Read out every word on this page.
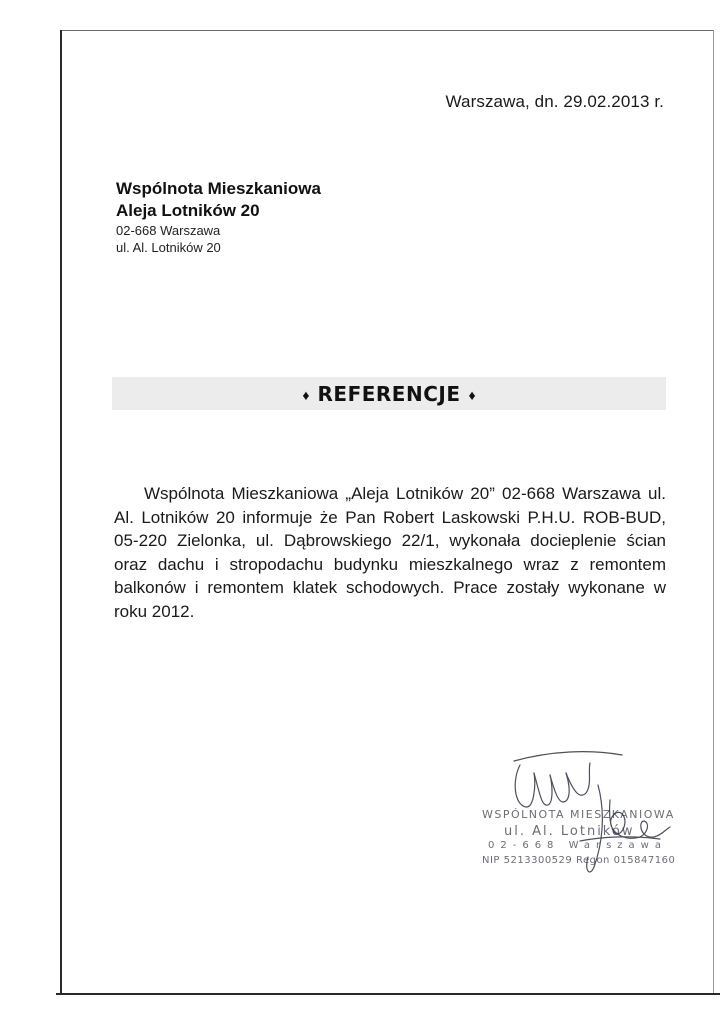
Warszawa, dn. 29.02.2013 r.
Wspólnota Mieszkaniowa
Aleja Lotników 20
02-668 Warszawa
ul. Al. Lotników 20
♦ REFERENCJE ♦
Wspólnota Mieszkaniowa „Aleja Lotników 20” 02-668 Warszawa ul. Al. Lotników 20 informuje że Pan Robert Laskowski P.H.U. ROB-BUD, 05-220 Zielonka, ul. Dąbrowskiego 22/1, wykonała docieplenie ścian oraz dachu i stropodachu budynku mieszkalnego wraz z remontem balkonów i remontem klatek schodowych. Prace zostały wykonane w roku 2012.
WSPÓLNOTA MIESZKANIOWA
ul. Al. Lotników
02-668 Warszawa
NIP 5213300529 Regon 015847160
